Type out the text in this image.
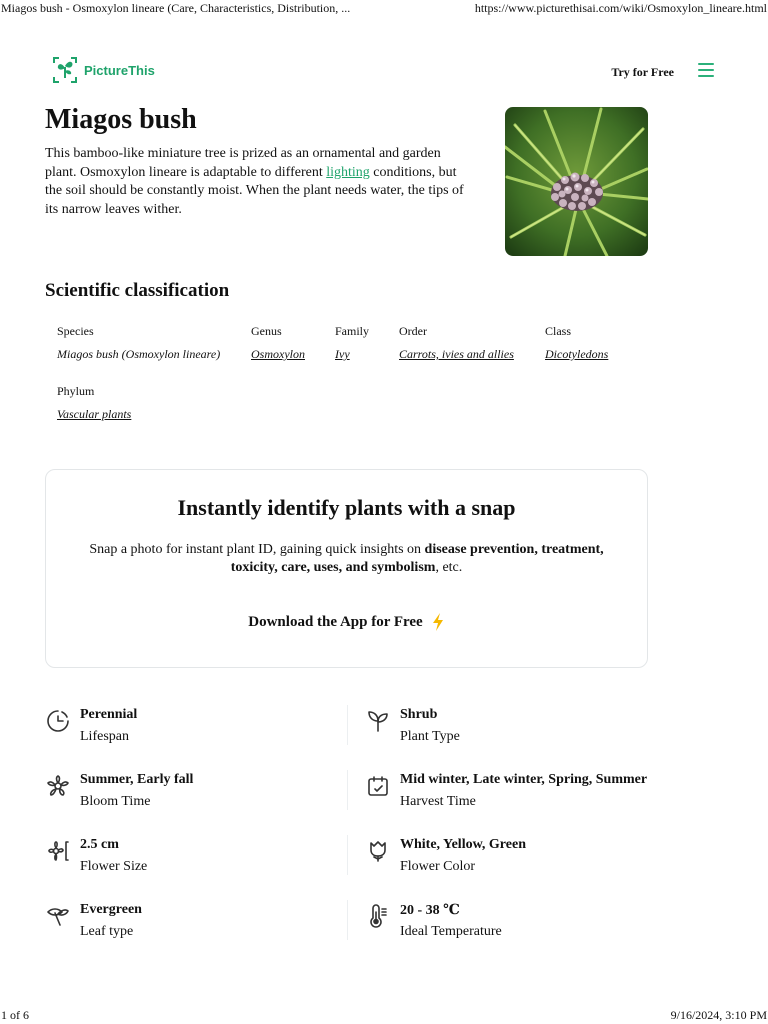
Miagos bush - Osmoxylon lineare (Care, Characteristics, Distribution, ...	https://www.picturethisai.com/wiki/Osmoxylon_lineare.html
PictureThis	Try for Free
Miagos bush

This bamboo-like miniature tree is prized as an ornamental and garden plant. Osmoxylon lineare is adaptable to different lighting conditions, but the soil should be constantly moist. When the plant needs water, the tips of its narrow leaves wither.

Scientific classification
Species
Miagos bush (Osmoxylon lineare)
Genus
Osmoxylon
Family
Ivy
Order
Carrots, ivies and allies
Class
Dicotyledons
Phylum
Vascular plants
Instantly identify plants with a snap

Snap a photo for instant plant ID, gaining quick insights on disease prevention, treatment, toxicity, care, uses, and symbolism, etc.

Download the App for Free
Perennial
Lifespan
Shrub
Plant Type
Summer, Early fall
Bloom Time
Mid winter, Late winter, Spring, Summer
Harvest Time
2.5 cm
Flower Size
White, Yellow, Green
Flower Color
Evergreen
Leaf type
20 - 38 ℃
Ideal Temperature
1 of 6	9/16/2024, 3:10 PM
